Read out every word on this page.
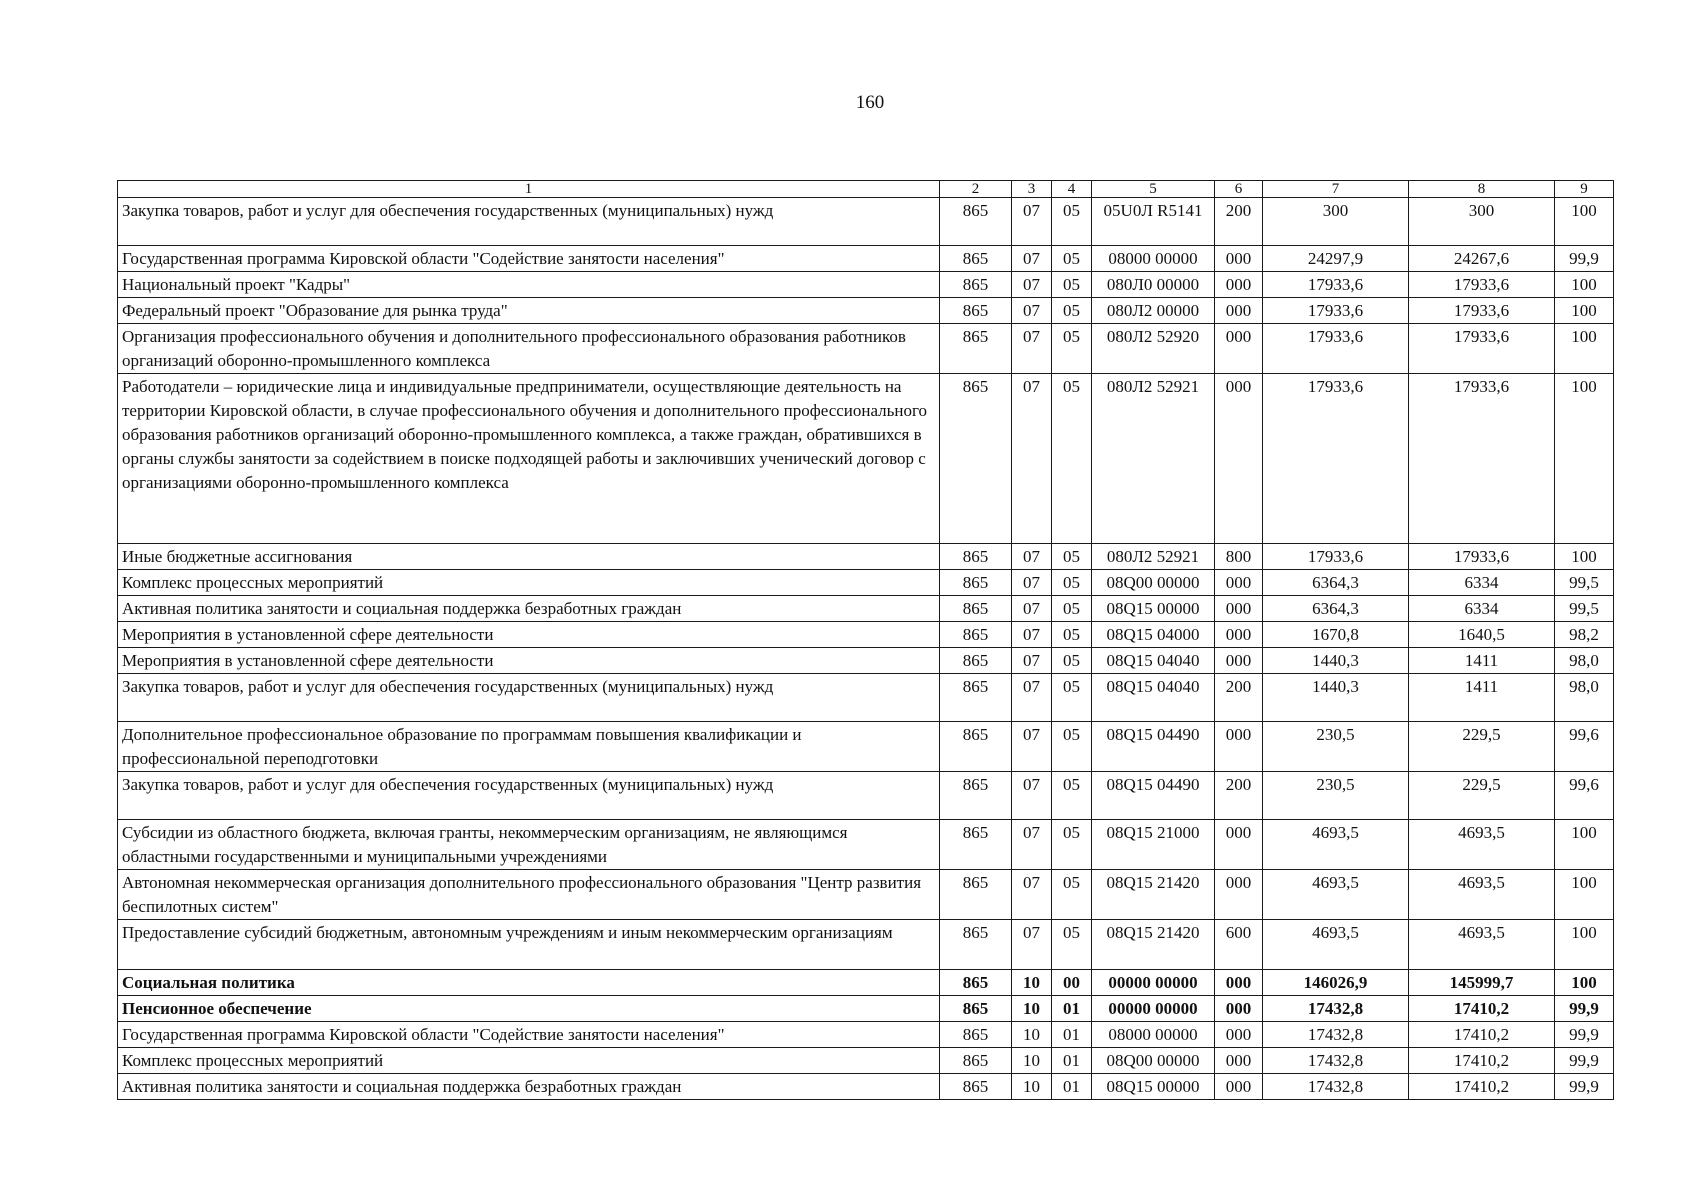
160
1	2	3	4	5	6	7	8	9
Закупка товаров, работ и услуг для обеспечения государственных (муниципальных) нужд	865	07	05	05U0Л R5141	200	300	300	100
Государственная программа Кировской области "Содействие занятости населения"	865	07	05	08000 00000	000	24297,9	24267,6	99,9
Национальный проект "Кадры"	865	07	05	080Л0 00000	000	17933,6	17933,6	100
Федеральный проект "Образование для рынка труда"	865	07	05	080Л2 00000	000	17933,6	17933,6	100
Организация профессионального обучения и дополнительного профессионального образования работников организаций оборонно-промышленного комплекса	865	07	05	080Л2 52920	000	17933,6	17933,6	100
Работодатели – юридические лица и индивидуальные предприниматели, осуществляющие деятельность на территории Кировской области, в случае профессионального обучения и дополнительного профессионального образования работников организаций оборонно-промышленного комплекса, а также граждан, обратившихся в органы службы занятости за содействием в поиске подходящей работы и заключивших ученический договор с организациями оборонно-промышленного комплекса	865	07	05	080Л2 52921	000	17933,6	17933,6	100
Иные бюджетные ассигнования	865	07	05	080Л2 52921	800	17933,6	17933,6	100
Комплекс процессных мероприятий	865	07	05	08Q00 00000	000	6364,3	6334	99,5
Активная политика занятости и социальная поддержка безработных граждан	865	07	05	08Q15 00000	000	6364,3	6334	99,5
Мероприятия в установленной сфере деятельности	865	07	05	08Q15 04000	000	1670,8	1640,5	98,2
Мероприятия в установленной сфере деятельности	865	07	05	08Q15 04040	000	1440,3	1411	98,0
Закупка товаров, работ и услуг для обеспечения государственных (муниципальных) нужд	865	07	05	08Q15 04040	200	1440,3	1411	98,0
Дополнительное профессиональное образование по программам повышения квалификации и профессиональной переподготовки	865	07	05	08Q15 04490	000	230,5	229,5	99,6
Закупка товаров, работ и услуг для обеспечения государственных (муниципальных) нужд	865	07	05	08Q15 04490	200	230,5	229,5	99,6
Субсидии из областного бюджета, включая гранты, некоммерческим организациям, не являющимся областными государственными и муниципальными учреждениями	865	07	05	08Q15 21000	000	4693,5	4693,5	100
Автономная некоммерческая организация дополнительного профессионального образования "Центр развития беспилотных систем"	865	07	05	08Q15 21420	000	4693,5	4693,5	100
Предоставление субсидий бюджетным, автономным учреждениям и иным некоммерческим организациям	865	07	05	08Q15 21420	600	4693,5	4693,5	100
Социальная политика	865	10	00	00000 00000	000	146026,9	145999,7	100
Пенсионное обеспечение	865	10	01	00000 00000	000	17432,8	17410,2	99,9
Государственная программа Кировской области "Содействие занятости населения"	865	10	01	08000 00000	000	17432,8	17410,2	99,9
Комплекс процессных мероприятий	865	10	01	08Q00 00000	000	17432,8	17410,2	99,9
Активная политика занятости и социальная поддержка безработных граждан	865	10	01	08Q15 00000	000	17432,8	17410,2	99,9
